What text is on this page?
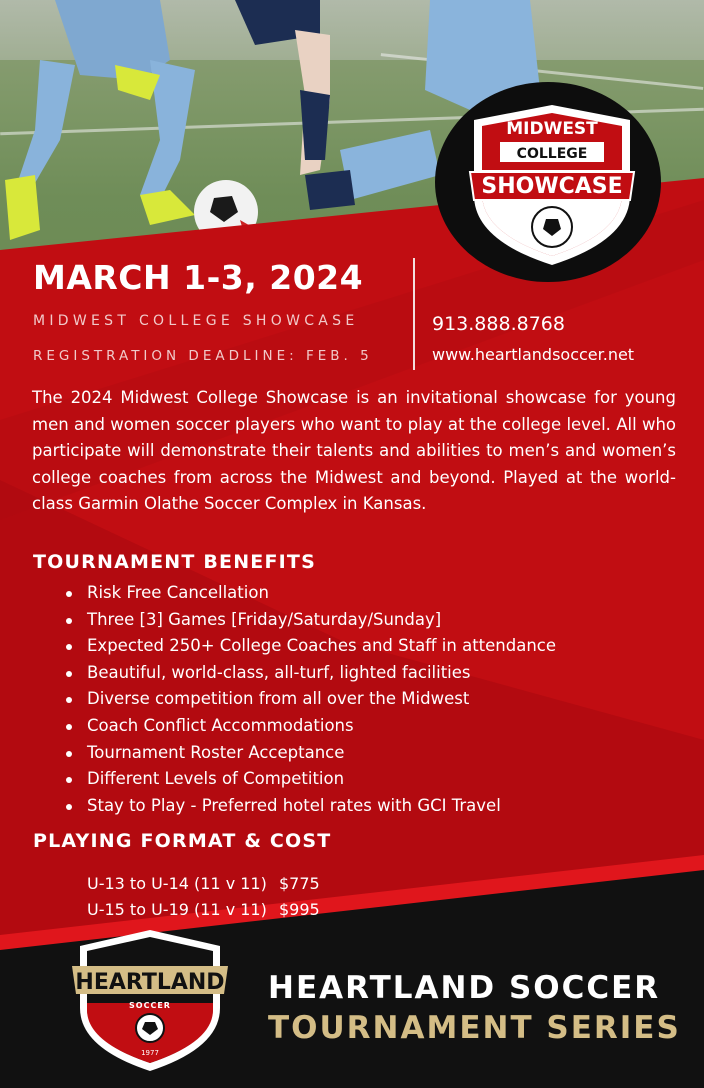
MIDWEST
COLLEGE
SHOWCASE
MARCH 1-3, 2024
MIDWEST COLLEGE SHOWCASE
REGISTRATION DEADLINE: FEB. 5
913.888.8768
www.heartlandsoccer.net

The 2024 Midwest College Showcase is an invitational showcase for young men and women soccer players who want to play at the college level. All who participate will demonstrate their talents and abilities to men’s and women’s college coaches from across the Midwest and beyond. Played at the world-class Garmin Olathe Soccer Complex in Kansas.

TOURNAMENT BENEFITS
Risk Free Cancellation
Three [3] Games [Friday/Saturday/Sunday]
Expected 250+ College Coaches and Staff in attendance
Beautiful, world-class, all-turf, lighted facilities
Diverse competition from all over the Midwest
Coach Conflict Accommodations
Tournament Roster Acceptance
Different Levels of Competition
Stay to Play - Preferred hotel rates with GCI Travel
PLAYING FORMAT & COST
U-13 to U-14 (11 v 11) $775
U-15 to U-19 (11 v 11) $995
HEARTLAND
SOCCER
1977
HEARTLAND SOCCER
TOURNAMENT SERIES
